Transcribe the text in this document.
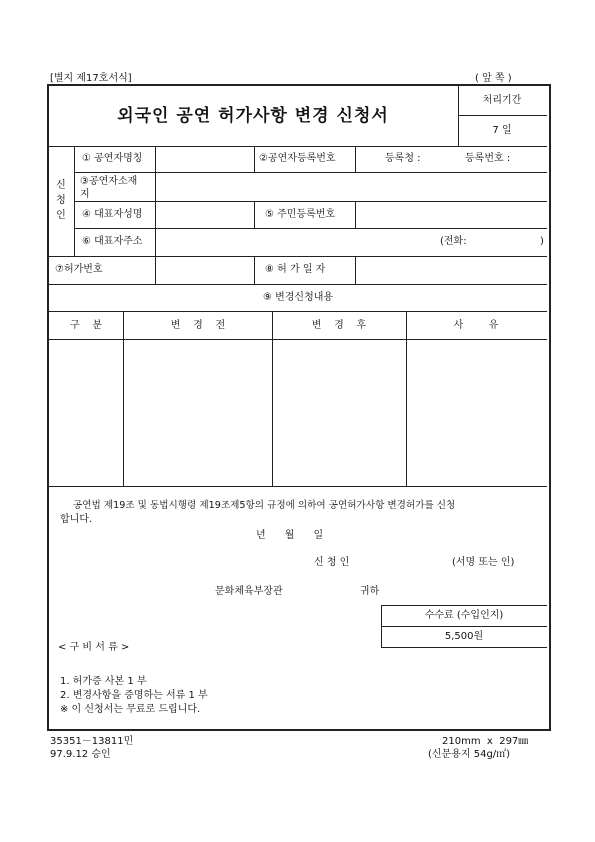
[별지 제17호서식]	( 앞 쪽 )
외국인 공연 허가사항 변경 신청서
처리기간
7 일
신
청
인
① 공연자명칭	②공연자등록번호	등록청 :	등록번호 :
③공연자소재
지
④ 대표자성명	⑤ 주민등록번호
⑥ 대표자주소	(전화:	)
⑦허가번호	⑧ 허 가 일 자
⑨ 변경신청내용
구    분	변    경    전	변    경    후	사        유
공연법 제19조 및 동법시행령 제19조제5항의 규정에 의하여 공연허가사항 변경허가를 신청
합니다.
년      월      일
신 청 인	(서명 또는 인)
문화체육부장관	귀하
수수료 (수입인지)
5,500원
< 구 비 서 류 >
1. 허가증 사본 1 부
2. 변경사항을 증명하는 서류 1 부
※ 이 신청서는 무료로 드립니다.
35351－13811민
97.9.12 승인
210mm  x  297㎜
(신문용지 54g/㎡)
